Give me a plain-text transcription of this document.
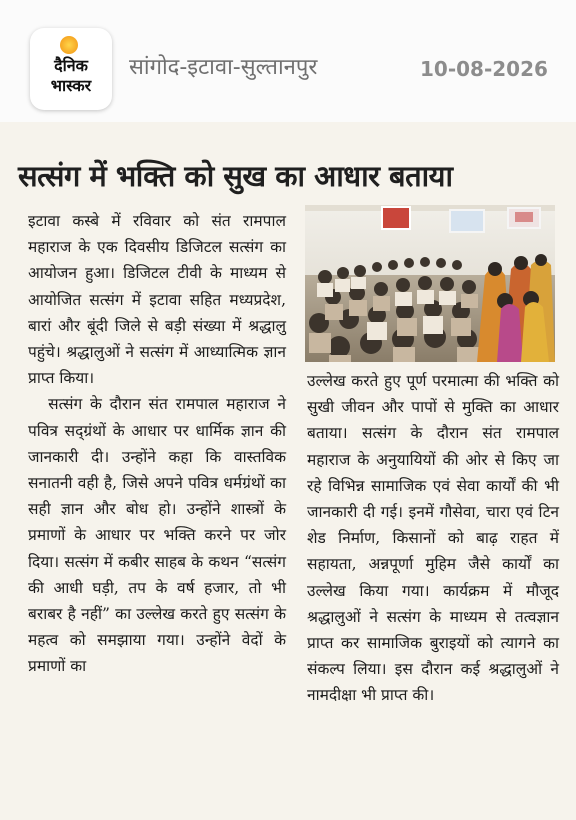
दैनिक
भास्कर
सांगोद-इटावा-सुल्तानपुर	10-08-2026
सत्संग में भक्ति को सुख का आधार बताया

इटावा कस्बे में रविवार को संत रामपाल महाराज के एक दिवसीय डिजिटल सत्संग का आयोजन हुआ। डिजिटल टीवी के माध्यम से आयोजित सत्संग में इटावा सहित मध्यप्रदेश, बारां और बूंदी जिले से बड़ी संख्या में श्रद्धालु पहुंचे। श्रद्धालुओं ने सत्संग में आध्यात्मिक ज्ञान प्राप्त किया।

सत्संग के दौरान संत रामपाल महाराज ने पवित्र सद्ग्रंथों के आधार पर धार्मिक ज्ञान की जानकारी दी। उन्होंने कहा कि वास्तविक सनातनी वही है, जिसे अपने पवित्र धर्मग्रंथों का सही ज्ञान और बोध हो। उन्होंने शास्त्रों के प्रमाणों के आधार पर भक्ति करने पर जोर दिया। सत्संग में कबीर साहब के कथन “सत्संग की आधी घड़ी, तप के वर्ष हजार, तो भी बराबर है नहीं” का उल्लेख करते हुए सत्संग के महत्व को समझाया गया। उन्होंने वेदों के प्रमाणों का

उल्लेख करते हुए पूर्ण परमात्मा की भक्ति को सुखी जीवन और पापों से मुक्ति का आधार बताया। सत्संग के दौरान संत रामपाल महाराज के अनुयायियों की ओर से किए जा रहे विभिन्न सामाजिक एवं सेवा कार्यों की भी जानकारी दी गई। इनमें गौसेवा, चारा एवं टिन शेड निर्माण, किसानों को बाढ़ राहत में सहायता, अन्नपूर्णा मुहिम जैसे कार्यों का उल्लेख किया गया। कार्यक्रम में मौजूद श्रद्धालुओं ने सत्संग के माध्यम से तत्वज्ञान प्राप्त कर सामाजिक बुराइयों को त्यागने का संकल्प लिया। इस दौरान कई श्रद्धालुओं ने नामदीक्षा भी प्राप्त की।
